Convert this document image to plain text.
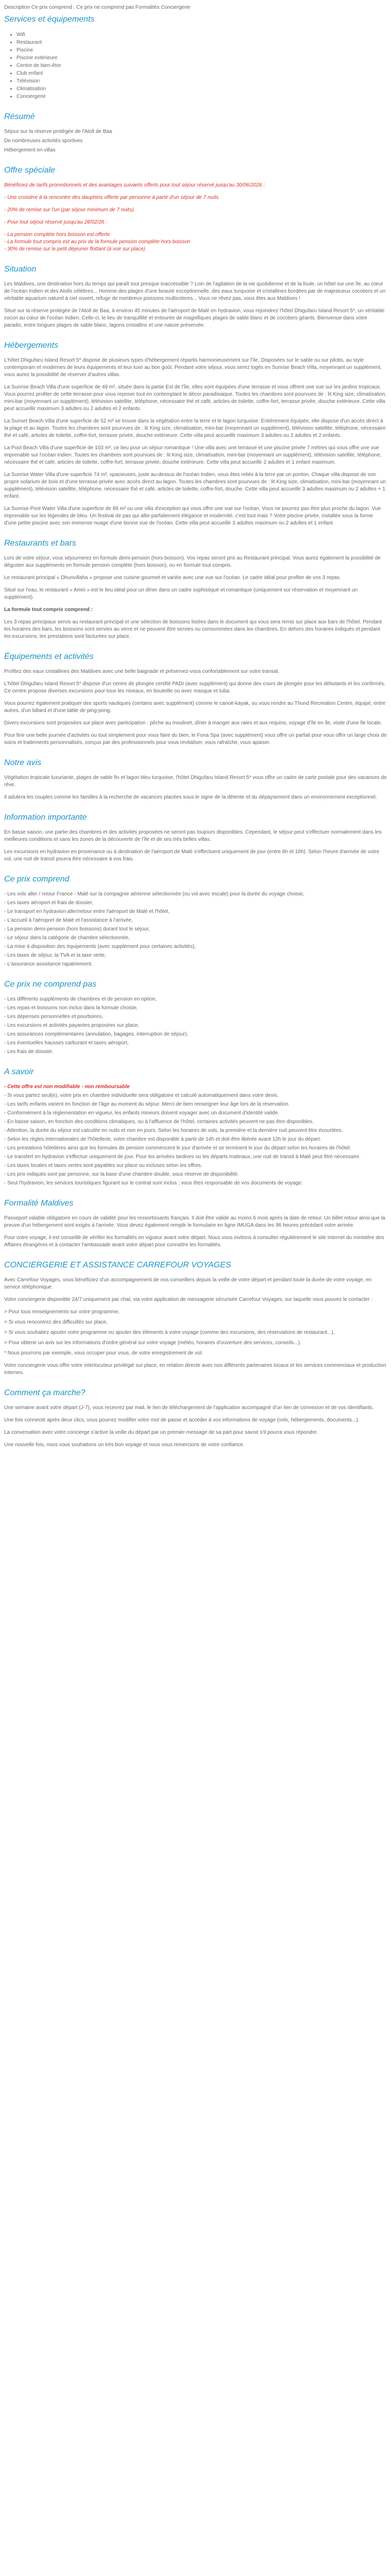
Description Ce prix comprend : Ce prix ne comprend pas Formalités Conciergerie

Services et équipements
• Wifi
• Restaurant
• Piscine
• Piscine extérieure
• Centre de bien-être
• Club enfant
• Télévision
• Climatisation
• Conciergerie
Résumé

Séjour sur la réserve protégée de l'Atoll de Baa

De nombreuses activités sportives

Hébergement en villas

Offre spéciale

Bénéficiez de tarifs promotionnels et des avantages suivants offerts pour tout séjour réservé jusqu'au 30/06/2026 :

- Une croisière à la rencontre des dauphins offerte par personne à partir d'un séjour de 7 nuits.

- 20% de remise sur l'un (par séjour minimum de 7 nuits).

- Pour tout séjour réservé jusqu'au 28/02/26 :

- La pension complète hors boisson est offerte
- La formule tout compris est au prix de la formule pension complète hors boisson
- 30% de remise sur le petit déjeuner flottant (à voir sur place)
Situation

Les Maldives, une destination hors du temps qui paraît tout presque inaccessible ? Loin de l'agitation de la vie quotidienne et de la foule, un hôtel sur une île, au cœur de l'océan Indien et des Atolls célèbres... Homme des plages d'une beauté exceptionnelle, des eaux turquoise et cristallines bordées par de majestueux cocotiers et un véritable aquarium naturel à ciel ouvert, refuge de nombreux poissons multicolores... Vous ne rêvez pas, vous êtes aux Maldives !

Situé sur la réserve protégée de l'Atoll de Baa, à environ 45 minutes de l'aéroport de Malé en hydravion, vous rejoindrez l'hôtel Dhigufaru Island Resort 5*, un véritable cocon au cœur de l'océan Indien. Celle-ci, le lieu de tranquillité et entourée de magnifiques plages de sable blanc et de cocotiers géants. Bienvenue dans votre paradis, entre longues plages de sable blanc, lagons cristallins et une nature préservée.

Hébergements

L'hôtel Dhigufaru Island Resort 5* dispose de plusieurs types d'hébergement répartis harmonieusement sur l'île. Disposées sur le sable ou sur pilotis, au style contemporain et modernes de leurs équipements et leur luxe au bon goût. Pendant votre séjour, vous serez logés en Sunrise Beach Villa, moyennant un supplément, vous aurez la possibilité de réserver d'autres villas.

La Sunrise Beach Villa d'une superficie de 49 m², située dans la partie Est de l'île, elles sont équipées d'une terrasse et vous offrent une vue sur les jardins tropicaux. Vous pourrez profiter de cette terrasse pour vous reposer tout en contemplant le décor paradisiaque. Toutes les chambres sont pourvues de : lit King size, climatisation, mini-bar (moyennant un supplément), télévision satellite, téléphone, nécessaire thé et café, articles de toilette, coffre-fort, terrasse privée, douche extérieure. Cette villa peut accueillir maximum 3 adultes ou 2 adultes et 2 enfants.

La Sunset Beach Villa d'une superficie de 52 m² se trouve dans la végétation entre la terre et le lagon turquoise. Entièrement équipée, elle dispose d'un accès direct à la plage et au lagon. Toutes les chambres sont pourvues de : lit King size, climatisation, mini-bar (moyennant un supplément), télévision satellite, téléphone, nécessaire thé et café, articles de toilette, coffre-fort, terrasse privée, douche extérieure. Cette villa peut accueillir maximum 3 adultes ou 2 adultes et 2 enfants.

La Pool Beach Villa d'une superficie de 103 m², ce lieu pour un séjour romantique ! Une villa avec une terrasse et une piscine privée 7 mètres qui vous offre une vue imprenable sur l'océan Indien. Toutes les chambres sont pourvues de : lit King size, climatisation, mini-bar (moyennant un supplément), télévision satellite, téléphone, nécessaire thé et café, articles de toilette, coffre-fort, terrasse privée, douche extérieure. Cette villa peut accueillir 2 adultes et 1 enfant maximum.

La Sunrise Water Villa d'une superficie 74 m², spacieuses, juste au-dessus de l'océan Indien, vous êtes reliés à la terre par un ponton. Chaque villa dispose de son propre solarium de bois et d'une terrasse privée avec accès direct au lagon. Toutes les chambres sont pourvues de : lit King size, climatisation, mini-bar (moyennant un supplément), télévision satellite, téléphone, nécessaire thé et café, articles de toilette, coffre-fort, douche. Cette villa peut accueillir 3 adultes maximum ou 2 adultes + 1 enfant.

La Sunrise Pool Water Villa d'une superficie de 89 m² ou une villa d'exception qui vous offre une vue sur l'océan. Vous ne pourrez pas être plus proche du lagon. Vue imprenable sur les légendes de bleu. Un festival de pas qui allie parfaitement élégance et modernité, c'est tout mais ? Votre piscine privée, installée sous la forme d'une petite piscine avec son immense nuage d'une bonne vue de l'océan. Cette villa peut accueillir 3 adultes maximum ou 2 adultes et 1 enfant.

Restaurants et bars

Lors de votre séjour, vous séjournerez en formule demi-pension (hors boisson). Vos repas seront pris au Restaurant principal. Vous aurez également la possibilité de déguster aux suppléments en formule pension complète (hors boisson), ou en formule tout compris.

Le restaurant principal « Dhunvillaha » propose une cuisine gourmet et variée avec une vue sur l'océan. Le cadre idéal pour profiter de vos 3 repas.

Situé sur l'eau, le restaurant « Amiri » est le lieu idéal pour un dîner dans un cadre sophistiqué et romantique (uniquement sur réservation et moyennant un supplément).

La formule tout compris comprend :

Les 3 repas principaux servis au restaurant principal et une sélection de boissons listées dans le document qui vous sera remis sur place aux bars de l'hôtel. Pendant les horaires des bars, les boissons sont servies au verre et ne peuvent être servies ou consommées dans les chambres. En dehors des horaires indiqués et pendant les excursions, les prestations sont facturées sur place.

Équipements et activités

Profitez des eaux cristallines des Maldives avec une belle baignade et préservez-vous confortablement sur votre transat.

L'hôtel Dhigufaru Island Resort 5* dispose d'un centre de plongée certifié PADI (avec supplément) qui donne des cours de plongée pour les débutants et les confirmés. Ce centre propose diverses excursions pour tous les niveaux, en bouteille ou avec masque et tuba.

Vous pourrez également pratiquer des sports nautiques (certains avec supplément) comme le canoë-kayak, ou vous rendre au Thund Recreation Centre, équipé, entre autres, d'un billard et d'une table de ping-pong.

Divers excursions sont proposées sur place avec participation : pêche au moulinet, dîner à manger aux raies et aux requins, voyage d'île en île, visite d'une île locale.

Pour finir une belle journée d'activités ou tout simplement pour vous faire du bien, le Fona Spa (avec supplément) vous offre un parfait pour vous offrir un large choix de soins et traitements personnalisés, conçus par des professionnels pour vous revitaliser, vous rafraîchir, vous apaiser.

Notre avis

Végétation tropicale luxuriante, plages de sable fin et lagon bleu turquoise, l'hôtel Dhigufaru Island Resort 5* vous offre un cadre de carte postale pour des vacances de rêve.

Il adulera les couples comme les familles à la recherche de vacances placées sous le signe de la détente et du dépaysement dans un environnement exceptionnel.

Information importante

En basse saison, une partie des chambres et des activités proposées ne seront pas toujours disponibles. Cependant, le séjour peut s'effectuer normalement dans les meilleures conditions et sans les zones de la découverte de l'île et de ses très belles villas.

Les excursions en hydravion en provenance ou à destination de l'aéroport de Malé s'effectuent uniquement de jour (entre 6h et 16h). Selon l'heure d'arrivée de votre vol, une nuit de transit pourra être nécessaire à vos frais.

Ce prix comprend

- Les vols aller / retour France - Malé sur la compagnie aérienne sélectionnée (ou vol avec escale) pour la durée du voyage choisie,

- Les taxes aéroport et frais de dossier,

- Le transport en hydravion aller/retour entre l'aéroport de Malé et l'hôtel,

- L'accueil à l'aéroport de Malé et l'assistance à l'arrivée,

- La pension demi-pension (hors boissons) durant tout le séjour,

- Le séjour dans la catégorie de chambre sélectionnée,

- La mise à disposition des équipements (avec supplément pour certaines activités),

- Les taxes de séjour, la TVA et la taxe verte,

- L'assurance assistance rapatriement.

Ce prix ne comprend pas

- Les différents suppléments de chambres et de pension en option,

- Les repas et boissons non inclus dans la formule choisie,

- Les dépenses personnelles et pourboires,

- Les excursions et activités payantes proposées sur place,

- Les assurances complémentaires (annulation, bagages, interruption de séjour),

- Les éventuelles hausses carburant et taxes aéroport,

- Les frais de dossier.

A savoir

- Cette offre est non modifiable - non remboursable

- Si vous partez seul(e), votre prix en chambre individuelle sera obligatoire et calculé automatiquement dans votre devis.

- Les tarifs enfants varient en fonction de l'âge au moment du séjour. Merci de bien renseigner leur âge lors de la réservation.

- Conformément à la réglementation en vigueur, les enfants mineurs doivent voyager avec un document d'identité valide.

- En basse saison, en fonction des conditions climatiques, ou à l'affluence de l'hôtel, certaines activités peuvent ne pas être disponibles.

- Attention, la durée du séjour est calculée en nuits et non en jours. Selon les horaires de vols, la première et la dernière nuit peuvent être écourtées.

- Selon les règles internationales de l'hôtellerie, votre chambre est disponible à partir de 14h et doit être libérée avant 12h le jour du départ.

- Les prestations hôtelières ainsi que les formules de pension commencent le jour d'arrivée et se terminent le jour du départ selon les horaires de l'hôtel.

- Le transfert en hydravion s'effectue uniquement de jour. Pour les arrivées tardives ou les départs matinaux, une nuit de transit à Malé peut être nécessaire.

- Les taxes locales et taxes vertes sont payables sur place ou incluses selon les offres.

- Les prix indiqués sont par personne, sur la base d'une chambre double, sous réserve de disponibilité.

- Seul l'hydravion, les services touristiques figurant sur le contrat sont inclus ; vous êtes responsable de vos documents de voyage.

Formalité Maldives

Passeport valable obligatoire en cours de validité pour les ressortissants français. Il doit être valide au moins 6 mois après la date de retour. Un billet retour ainsi que la preuve d'un hébergement sont exigés à l'arrivée. Vous devez également remplir le formulaire en ligne IMUGA dans les 96 heures précédant votre arrivée.

Pour votre voyage, il est conseillé de vérifier les formalités en vigueur avant votre départ. Nous vous invitons à consulter régulièrement le site internet du ministère des Affaires étrangères et à contacter l'ambassade avant votre départ pour connaître les formalités.

CONCIERGERIE ET ASSISTANCE CARREFOUR VOYAGES

Avec Carrefour Voyages, vous bénéficiez d'un accompagnement de nos conseillers depuis la veille de votre départ et pendant toute la durée de votre voyage, en service téléphonique.

Votre conciergerie disponible 24/7 uniquement par chat, via votre application de messagerie sécurisée Carrefour Voyages, sur laquelle vous pouvez le contacter :

> Pour tous renseignements sur votre programme,

> Si vous rencontrez des difficultés sur place,

> Si vous souhaitez ajouter votre programme ou ajouter des éléments à votre voyage (comme des excursions, des réservations de restaurant...),

> Pour obtenir un avis sur les informations d'ordre général sur votre voyage (météo, horaires d'ouverture des services, conseils...).

* Nous pourrons par exemple, vous occuper pour vous, de votre enregistrement de vol.

Votre conciergerie vous offre votre interlocuteur privilégié sur place, en relation directe avec nos différents partenaires locaux et les services commerciaux et production internes.

Comment ça marche?

Une semaine avant votre départ (J-7), vous recevrez par mail, le lien de téléchargement de l'application accompagné d'un lien de connexion et de vos identifiants.

Une fois connecté après deux clics, vous pourrez modifier votre mot de passe et accéder à vos informations de voyage (vols, hébergements, documents...).

La conversation avec votre concierge s'active la veille du départ par un premier message de sa part pour savoir s'il pourra vous répondre.

Une nouvelle fois, nous vous souhaitons un très bon voyage et nous vous remercions de votre confiance.
